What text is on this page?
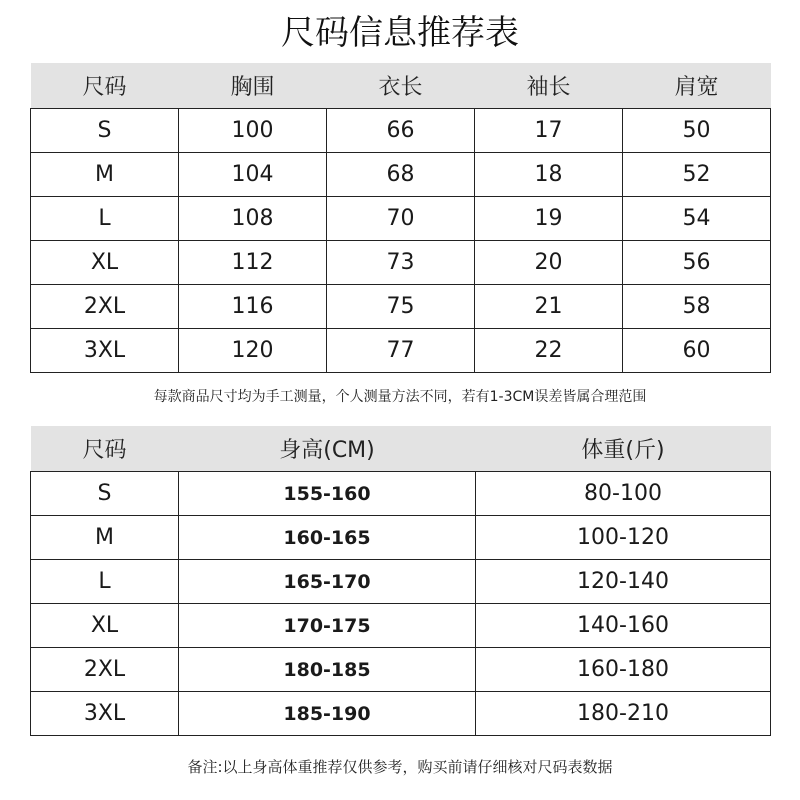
尺码信息推荐表
尺码	胸围	衣长	袖长	肩宽
S	100	66	17	50
M	104	68	18	52
L	108	70	19	54
XL	112	73	20	56
2XL	116	75	21	58
3XL	120	77	22	60
每款商品尺寸均为手工测量，个人测量方法不同，若有1-3CM误差皆属合理范围
尺码	身高(CM)	体重(斤)
S	155-160	80-100
M	160-165	100-120
L	165-170	120-140
XL	170-175	140-160
2XL	180-185	160-180
3XL	185-190	180-210
备注:以上身高体重推荐仅供参考，购买前请仔细核对尺码表数据
